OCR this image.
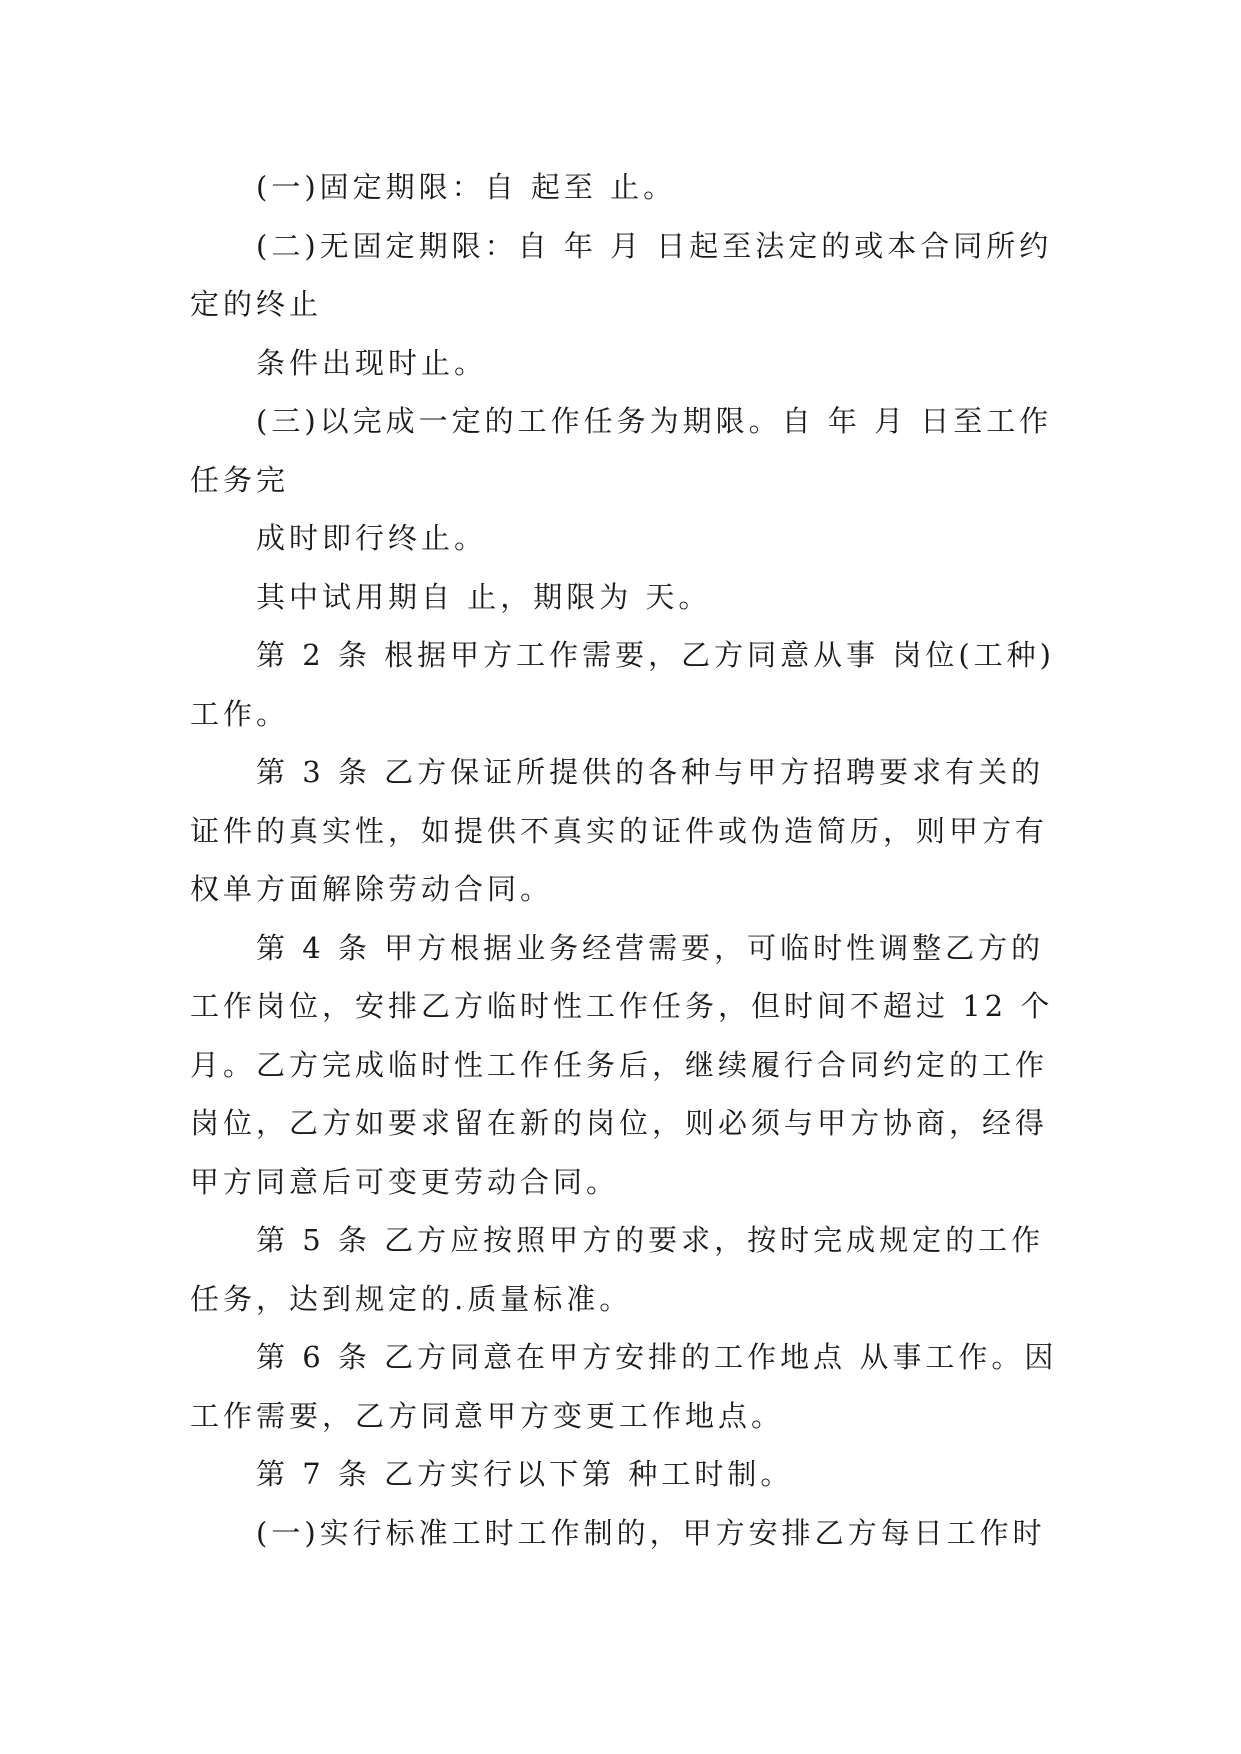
(一)固定期限：自 起至 止。

(二)无固定期限：自 年 月 日起至法定的或本合同所约定的终止

条件出现时止。

(三)以完成一定的工作任务为期限。自 年 月 日至工作任务完

成时即行终止。

其中试用期自 止，期限为 天。

第 2 条 根据甲方工作需要，乙方同意从事 岗位(工种)工作。

第 3 条 乙方保证所提供的各种与甲方招聘要求有关的证件的真实性，如提供不真实的证件或伪造简历，则甲方有权单方面解除劳动合同。

第 4 条 甲方根据业务经营需要，可临时性调整乙方的工作岗位，安排乙方临时性工作任务，但时间不超过 12 个月。乙方完成临时性工作任务后，继续履行合同约定的工作岗位，乙方如要求留在新的岗位，则必须与甲方协商，经得甲方同意后可变更劳动合同。

第 5 条 乙方应按照甲方的要求，按时完成规定的工作任务，达到规定的.质量标准。

第 6 条 乙方同意在甲方安排的工作地点 从事工作。因工作需要，乙方同意甲方变更工作地点。

第 7 条 乙方实行以下第 种工时制。

(一)实行标准工时工作制的，甲方安排乙方每日工作时
